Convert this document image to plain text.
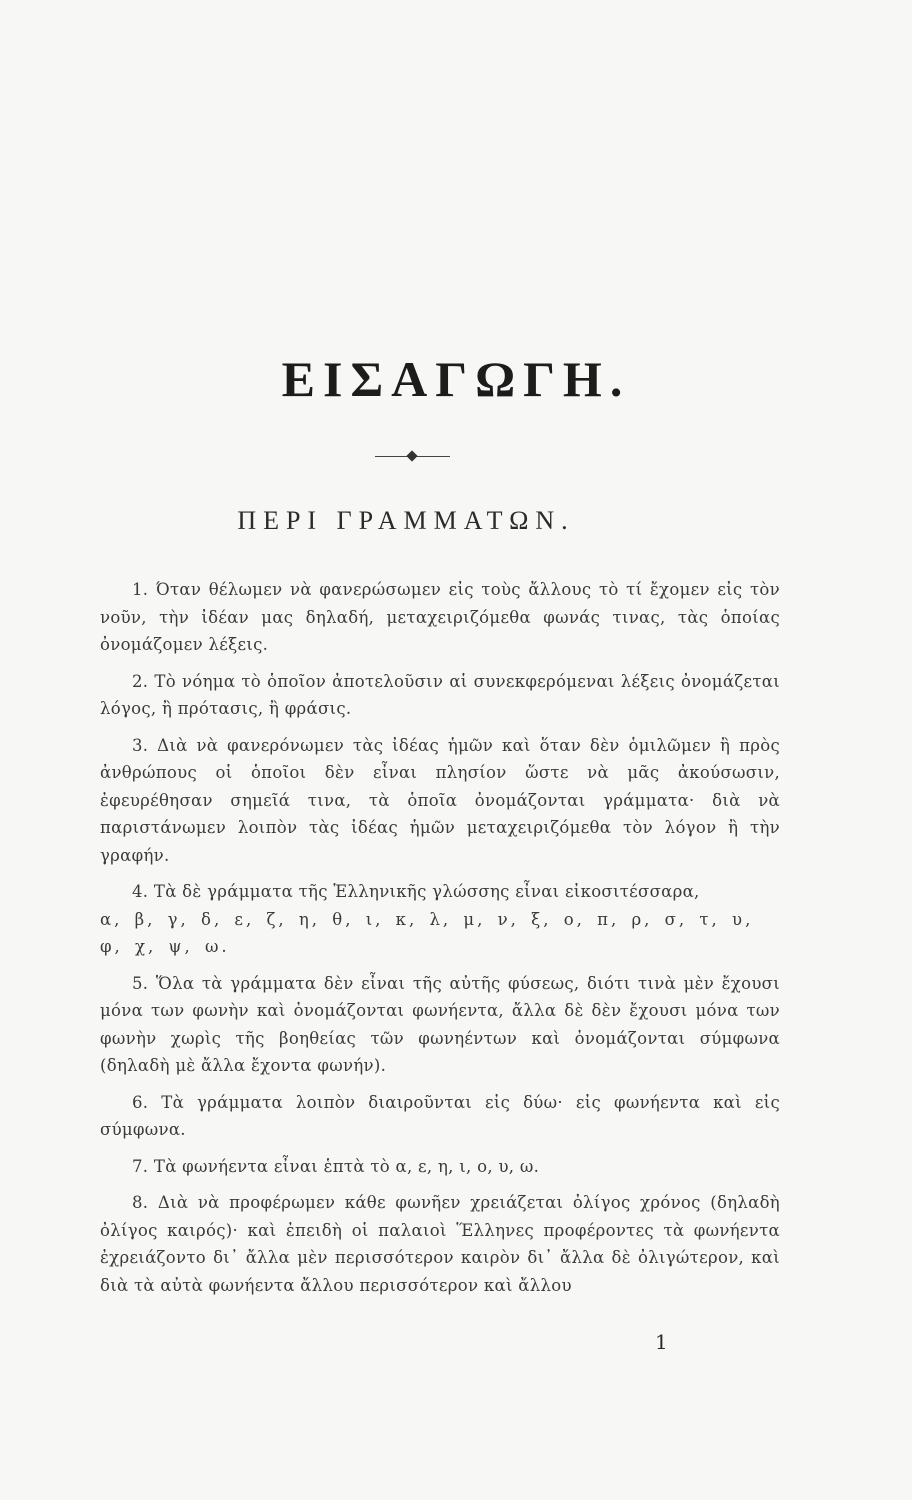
ΕΙΣΑΓΩΓΗ.
ΠΕΡΙ ΓΡΑΜΜΑΤΩΝ.

1. Όταν θέλωμεν νὰ φανερώσωμεν εἰς τοὺς ἄλλους τὸ τί ἔχομεν εἰς τὸν νοῦν, τὴν ἰδέαν μας δηλαδή, μεταχειριζόμεθα φωνάς τινας, τὰς ὁποίας ὀνομάζομεν λέξεις.

2. Τὸ νόημα τὸ ὁποῖον ἀποτελοῦσιν αἱ συνεκφερόμεναι λέξεις ὀνομάζεται λόγος, ἢ πρότασις, ἢ φράσις.

3. Διὰ νὰ φανερόνωμεν τὰς ἰδέας ἡμῶν καὶ ὅταν δὲν ὁμιλῶμεν ἢ πρὸς ἀνθρώπους οἱ ὁποῖοι δὲν εἶναι πλησίον ὥστε νὰ μᾶς ἀκούσωσιν, ἐφευρέθησαν σημεῖά τινα, τὰ ὁποῖα ὀνομάζονται γράμματα· διὰ νὰ παριστάνωμεν λοιπὸν τὰς ἰδέας ἡμῶν μεταχειριζόμεθα τὸν λόγον ἢ τὴν γραφήν.

4. Τὰ δὲ γράμματα τῆς Ἑλληνικῆς γλώσσης εἶναι εἰκοσιτέσσαρα,

α, β, γ, δ, ε, ζ, η, θ, ι, κ, λ, μ, ν, ξ, ο, π, ρ, σ, τ, υ, φ, χ, ψ, ω.

5. Ὅλα τὰ γράμματα δὲν εἶναι τῆς αὐτῆς φύσεως, διότι τινὰ μὲν ἔχουσι μόνα των φωνὴν καὶ ὀνομάζονται φωνήεντα, ἄλλα δὲ δὲν ἔχουσι μόνα των φωνὴν χωρὶς τῆς βοηθείας τῶν φωνηέντων καὶ ὀνομάζονται σύμφωνα (δηλαδὴ μὲ ἄλλα ἔχοντα φωνήν).

6. Τὰ γράμματα λοιπὸν διαιροῦνται εἰς δύω· εἰς φωνήεντα καὶ εἰς σύμφωνα.

7. Τὰ φωνήεντα εἶναι ἑπτὰ τὸ α, ε, η, ι, ο, υ, ω.

8. Διὰ νὰ προφέρωμεν κάθε φωνῆεν χρειάζεται ὀλίγος χρόνος (δηλαδὴ ὀλίγος καιρός)· καὶ ἐπειδὴ οἱ παλαιοὶ Ἕλληνες προφέροντες τὰ φωνήεντα ἐχρειάζοντο δι᾽ ἄλλα μὲν περισσότερον καιρὸν δι᾽ ἄλλα δὲ ὀλιγώτερον, καὶ διὰ τὰ αὐτὰ φωνήεντα ἄλλου περισσότερον καὶ ἄλλου

1
